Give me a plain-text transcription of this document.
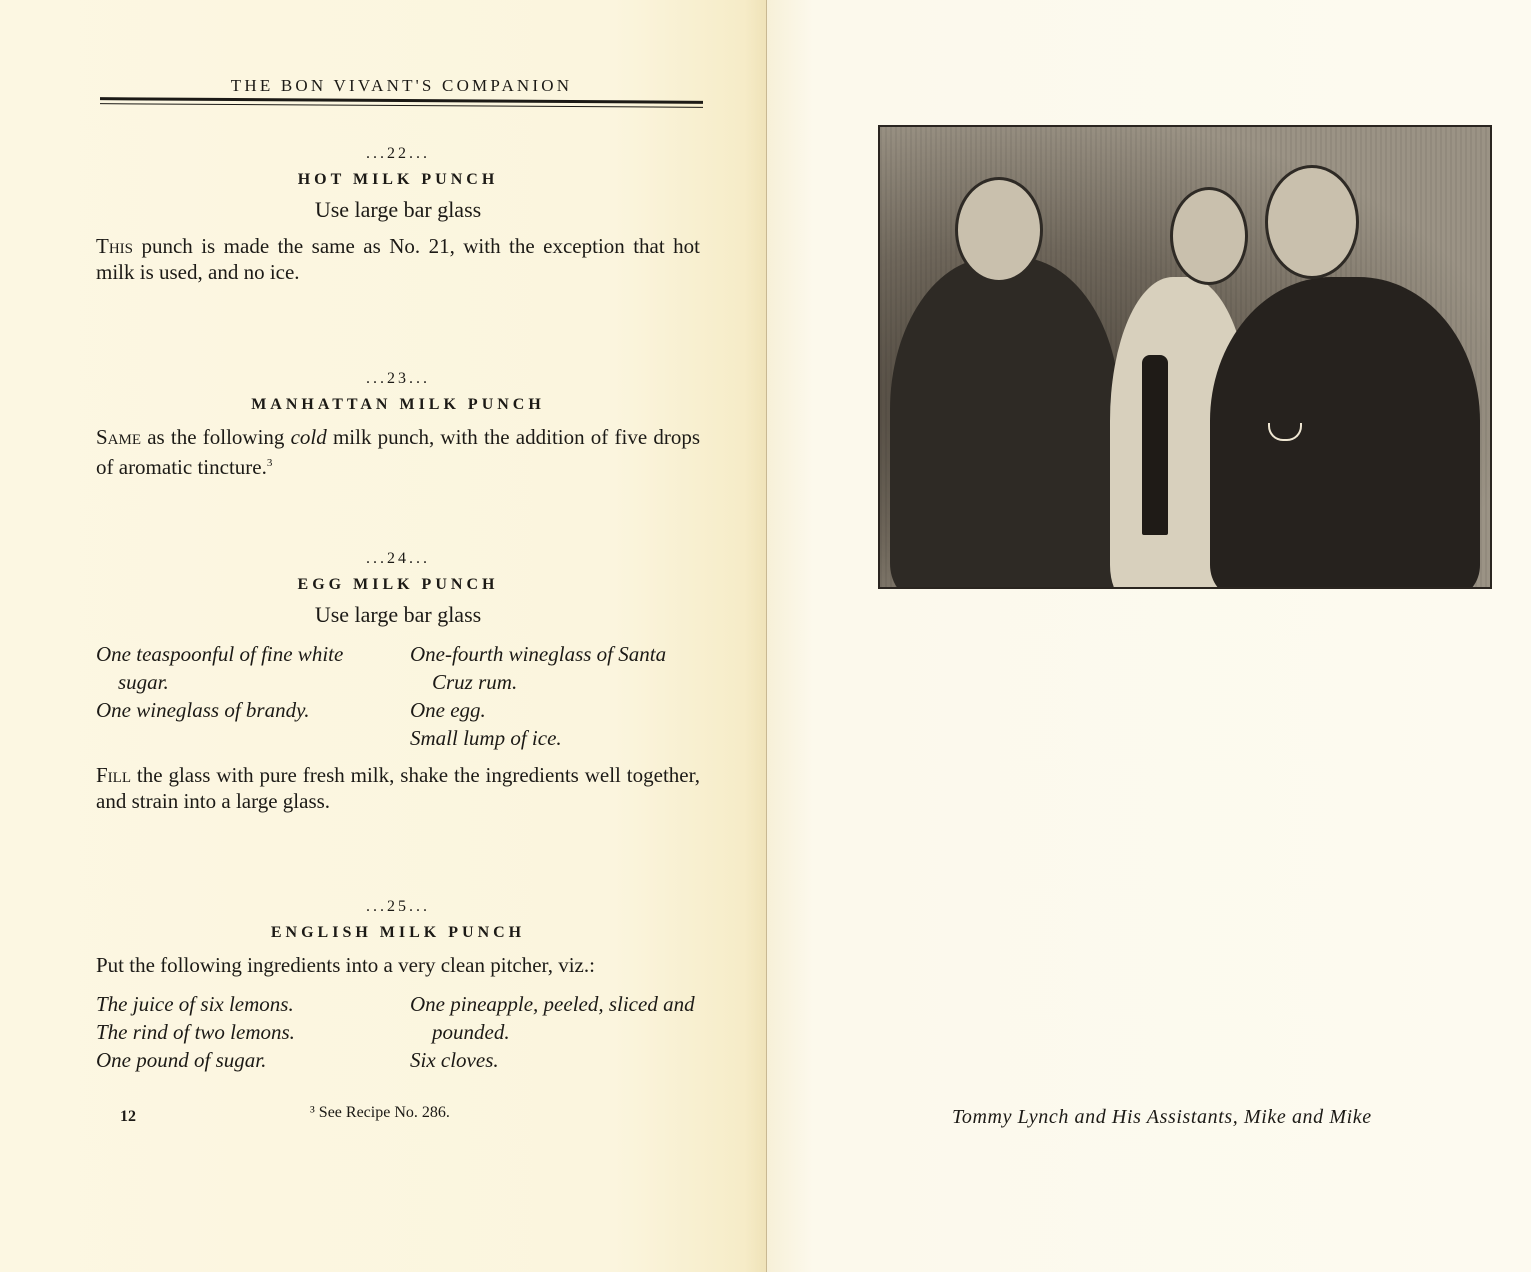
THE BON VIVANT'S COMPANION
...22...
HOT MILK PUNCH
Use large bar glass
This punch is made the same as No. 21, with the exception that hot milk is used, and no ice.
...23...
MANHATTAN MILK PUNCH
Same as the following cold milk punch, with the addition of five drops of aromatic tincture.$^3$
...24...
EGG MILK PUNCH
Use large bar glass
One teaspoonful of fine white sugar.
One wineglass of brandy.
One-fourth wineglass of Santa Cruz rum.
One egg.
Small lump of ice.
Fill the glass with pure fresh milk, shake the ingredients well together, and strain into a large glass.
...25...
ENGLISH MILK PUNCH
Put the following ingredients into a very clean pitcher, viz.:
The juice of six lemons.
The rind of two lemons.
One pound of sugar.
One pineapple, peeled, sliced and pounded.
Six cloves.
12	³ See Recipe No. 286.	Tommy Lynch and His Assistants, Mike and Mike
